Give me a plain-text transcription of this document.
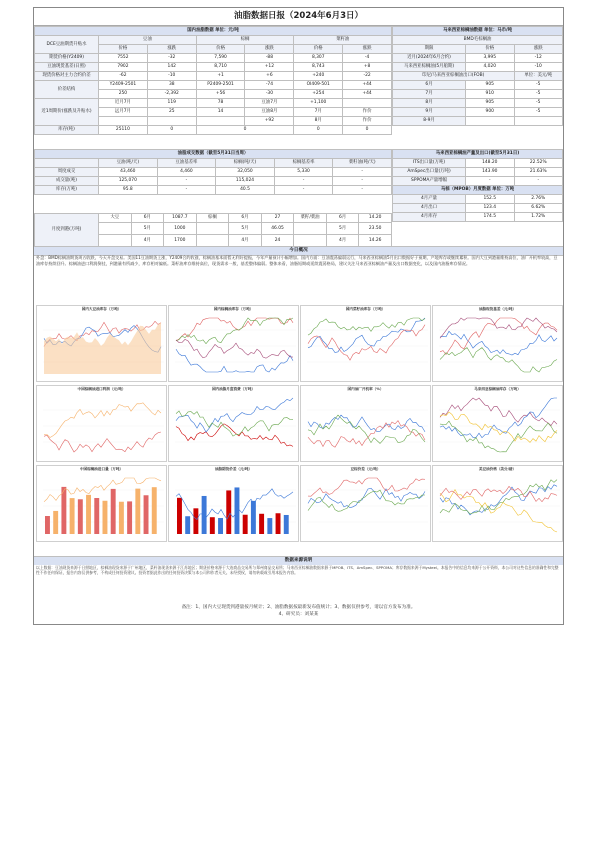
油脂数据日报（2024年6月3日）
国内油脂数据 单位：元/吨						
DCE豆油期货升贴水	豆油		棕榈		菜籽油	
	价格	涨跌	价格	涨跌	价格	涨跌
期货价格(Y2409)	7552	-32	7,590	-88	8,307	-4
豆油现货基差(日照)	7902	142	8,710	+12	8,743	+8
现货价格对主力合约价差	-62	-10	+1	+6	+240	-22
价差结构	Y2409-2501	38	P2409-2501	-74	OI409-501	+44
	250	-2,392	+56	-30	+254	+44
近1周期价(涨跌及升贴水)	近月7月	119	78	豆油7月	+1,100	
	远月7月	25	14	豆油8月	7月	作价
				+92	8月	作价
库存(吨)	25110	0	0		0	0
马来西亚棕榈油数据 单位：马币/吨		
BMD毛棕榈油		
期限	价格	涨跌
近月(2024年6月合约)	3,995	-12
马来西亚棕榈油(5月船期)	4,020	-10
印尼/马来西亚棕榈油出口(FOB)		单位：美元/吨
6月	905	-5
7月	910	-5
8月	905	-5
9月	900	-5
8-9月		
油脂成交数据（截至5月31日当周）					
	豆油(吨/天)	豆油基差率	棕榈(吨/天)	棕榈基差率	菜籽油(吨/天)
周度成交	43,460	4,460	32,050	5,330	-
成交量(吨)	125,070	-	115,024	-	-
库存(万吨)	95.8	-	40.5	-	-
马来西亚棕榈油产量及出口(截至5月31日)		
ITS出口量(万吨)	148.20	22.52%
AmSpec出口量(万吨)	143.90	21.63%
SPPOMA产量增幅	-	-
马棕（MPOB）月度数据 单位：万吨		
4月产量	152.5	2.76%
4月出口	123.4	6.62%
4月库存	174.5	1.72%
月度到港(万吨)	大豆	6月	1087.7	棕榈	6月	27	菜籽/菜油	6月	14.20
		5月	1000		5月	46.05		5月	23.50
		4月	1700		4月	24		4月	14.26
今日概况
外盘：BMD棕榈油期货周五收跌，今天开盘交易。美国11豆油期货上涨，Y2409合约收涨，棕榈油基本面暂无利好提振，今年产量预计小幅增加。国内方面：豆油震荡偏弱运行，马来西亚棕榈油5月出口数据好于预期，产地库存或继续累积。国内大豆到港量维持高位，油厂开机率较高，豆油库存持续回升。棕榈油进口利润倒挂，到港量有所减少，库存相对偏低。菜籽油库存维持高位，现货需求一般，基差整体偏弱。整体来看，油脂短期或延续震荡格局，建议关注马来西亚棕榈油产量及出口数据变化，以及国内油脂库存情况。
国内大豆油库存（万吨）	国内棕榈油库存（万吨）	国内菜籽油库存（万吨）	油脂现货基差（元/吨）
中国棕榈油进口利润（元/吨）	国内油脂月度消费（万吨）	国内油厂开机率（%）	马来西亚棕榈油库存（万吨）
中国棕榈油进口量（万吨）	油脂期货价差（元/吨）	豆棕价差（元/吨）	美豆油价格（美分/磅）
数据来源说明
以上数据：豆油现货来源于日照地区，棕榈油现货来源于广州地区，菜籽油现货来源于江苏地区；期货价格来源于大连商品交易所与郑州商品交易所；马来西亚棕榈油数据来源于MPOB、ITS、AmSpec、SPPOMA；库存数据来源于Mysteel。本报告中的信息均来源于公开资料，本公司对这些信息的准确性和完整性不作任何保证，报告内容仅供参考，不构成任何投资建议。投资者据此作出的任何投资决策与本公司和作者无关。未经授权，请勿转载或引用本报告内容。
备注：1、国内大豆现货到港量按月统计；2、油脂数据按最新发布值统计；3、数据仅供参考，请以官方发布为准。
4、研究员：刘某某
